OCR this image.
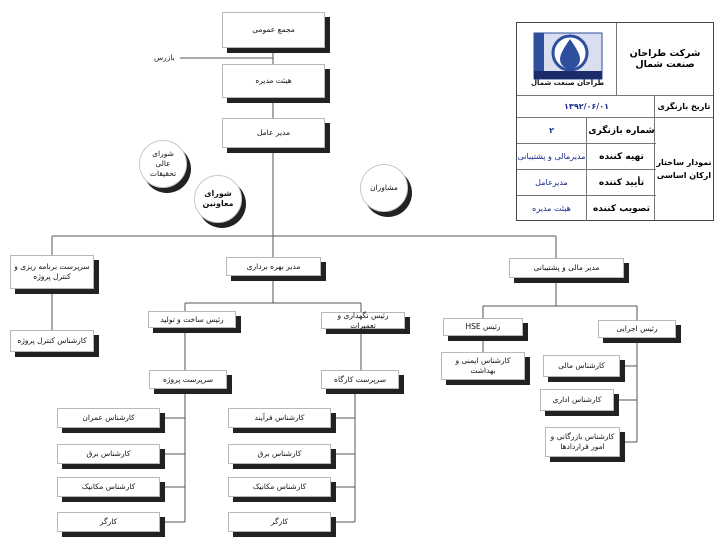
مجمع عمومی
بازرس
هیئت مدیره
مدیر عامل
شورای عالی تحقیقات
شورای معاونین
مشاوران
سرپرست برنامه ریزی و کنترل پروژه
کارشناس کنترل پروژه
مدیر بهره برداری
رئیس ساخت و تولید	رئیس نگهداری و تعمیرات
سرپرست پروژه	سرپرست کارگاه
کارشناس عمران
کارشناس برق
کارشناس مکانیک
کارگر
کارشناس فرآیند
کارشناس برق
کارشناس مکانیک
کارگر
مدیر مالی و پشتیبانی
رئیس HSE
کارشناس ایمنی و بهداشت
رئیس اجرایی
کارشناس مالی
کارشناس اداری
کارشناس بازرگانی و امور قراردادها
شرکت طراحان صنعت شمال
طراحان صنعت شمال
تاریخ بازنگری
۱۳۹۲/۰۶/۰۱
نمودار ساختار ارکان اساسی
شماره بازنگری
۲
تهیه کننده
مدیرمالی و پشتیبانی
تأیید کننده
مدیرعامل
تصویب کننده
هیئت مدیره
